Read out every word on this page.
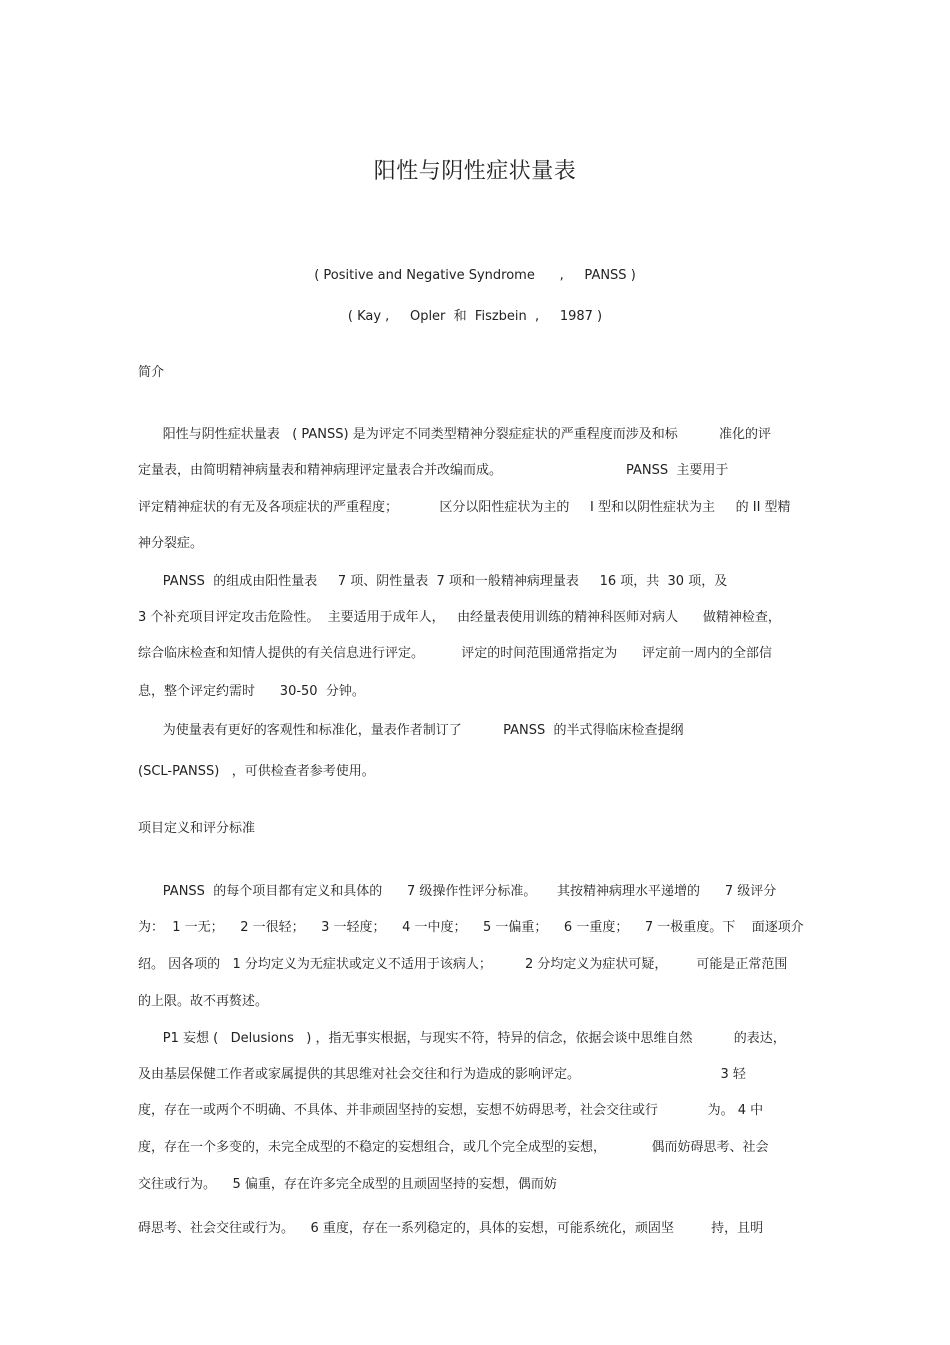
阳性与阴性症状量表
( Positive and Negative Syndrome      ,     PANSS )
( Kay ,     Opler  和  Fiszbein  ,     1987 )
简介
阳性与阴性症状量表   ( PANSS) 是为评定不同类型精神分裂症症状的严重程度而涉及和标          准化的评
定量表，由简明精神病量表和精神病理评定量表合并改编而成。                              PANSS  主要用于
评定精神症状的有无及各项症状的严重程度；          区分以阳性症状为主的     I 型和以阴性症状为主     的 II 型精
神分裂症。
PANSS  的组成由阳性量表     7 项、阴性量表  7 项和一般精神病理量表     16 项，共  30 项，及
3 个补充项目评定攻击危险性。  主要适用于成年人，   由经量表使用训练的精神科医师对病人      做精神检查，
综合临床检查和知情人提供的有关信息进行评定。         评定的时间范围通常指定为      评定前一周内的全部信
息，整个评定约需时      30-50  分钟。
为使量表有更好的客观性和标准化，量表作者制订了          PANSS  的半式得临床检查提纲
(SCL-PANSS)   ，可供检查者参考使用。
项目定义和评分标准
PANSS  的每个项目都有定义和具体的      7 级操作性评分标准。     其按精神病理水平递增的      7 级评分
为：  1 一无；    2 一很轻；    3 一轻度；    4 一中度；    5 一偏重；    6 一重度；    7 一极重度。下    面逐项介
绍。 因各项的   1 分均定义为无症状或定义不适用于该病人；        2 分均定义为症状可疑，       可能是正常范围
的上限。故不再赘述。
P1 妄想 (   Delusions   ) ，指无事实根据，与现实不符，特异的信念，依据会谈中思维自然          的表达，
及由基层保健工作者或家属提供的其思维对社会交往和行为造成的影响评定。                                  3 轻
度，存在一或两个不明确、不具体、并非顽固坚持的妄想，妄想不妨碍思考，社会交往或行            为。 4 中
度，存在一个多变的，未完全成型的不稳定的妄想组合，或几个完全成型的妄想，           偶而妨碍思考、社会
交往或行为。    5 偏重，存在许多完全成型的且顽固坚持的妄想，偶而妨
碍思考、社会交往或行为。    6 重度，存在一系列稳定的，具体的妄想，可能系统化，顽固坚         持，且明
